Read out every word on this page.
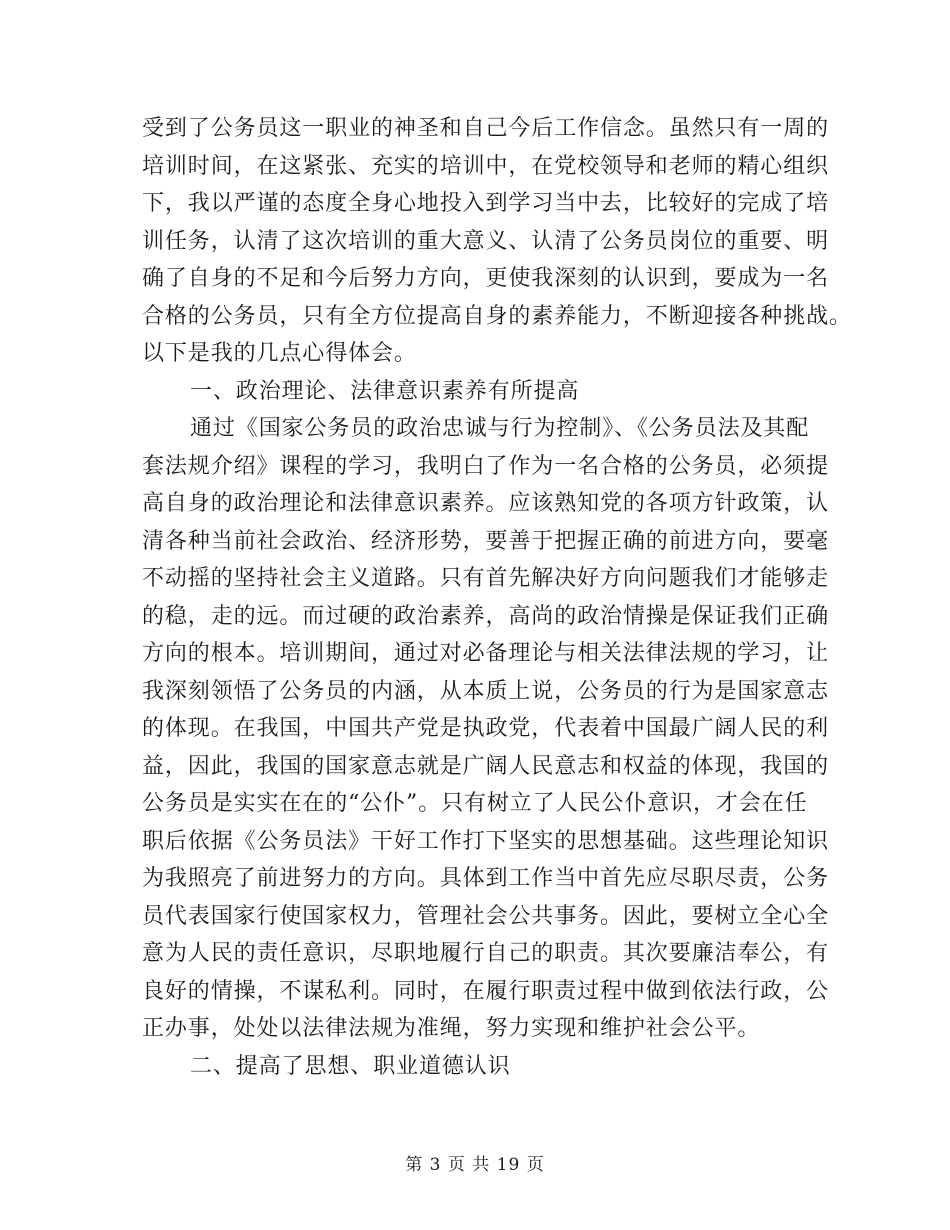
受到了公务员这一职业的神圣和自己今后工作信念。虽然只有一周的
培训时间，在这紧张、充实的培训中，在党校领导和老师的精心组织
下，我以严谨的态度全身心地投入到学习当中去，比较好的完成了培
训任务，认清了这次培训的重大意义、认清了公务员岗位的重要、明
确了自身的不足和今后努力方向，更使我深刻的认识到，要成为一名
合格的公务员，只有全方位提高自身的素养能力，不断迎接各种挑战。
以下是我的几点心得体会。
一、政治理论、法律意识素养有所提高
通过《国家公务员的政治忠诚与行为控制》、《公务员法及其配
套法规介绍》课程的学习，我明白了作为一名合格的公务员，必须提
高自身的政治理论和法律意识素养。应该熟知党的各项方针政策，认
清各种当前社会政治、经济形势，要善于把握正确的前进方向，要毫
不动摇的坚持社会主义道路。只有首先解决好方向问题我们才能够走
的稳，走的远。而过硬的政治素养，高尚的政治情操是保证我们正确
方向的根本。培训期间，通过对必备理论与相关法律法规的学习，让
我深刻领悟了公务员的内涵，从本质上说，公务员的行为是国家意志
的体现。在我国，中国共产党是执政党，代表着中国最广阔人民的利
益，因此，我国的国家意志就是广阔人民意志和权益的体现，我国的
公务员是实实在在的“公仆”。只有树立了人民公仆意识，才会在任
职后依据《公务员法》干好工作打下坚实的思想基础。这些理论知识
为我照亮了前进努力的方向。具体到工作当中首先应尽职尽责，公务
员代表国家行使国家权力，管理社会公共事务。因此，要树立全心全
意为人民的责任意识，尽职地履行自己的职责。其次要廉洁奉公，有
良好的情操，不谋私利。同时，在履行职责过程中做到依法行政，公
正办事，处处以法律法规为准绳，努力实现和维护社会公平。
二、提高了思想、职业道德认识
第 3 页 共 19 页
